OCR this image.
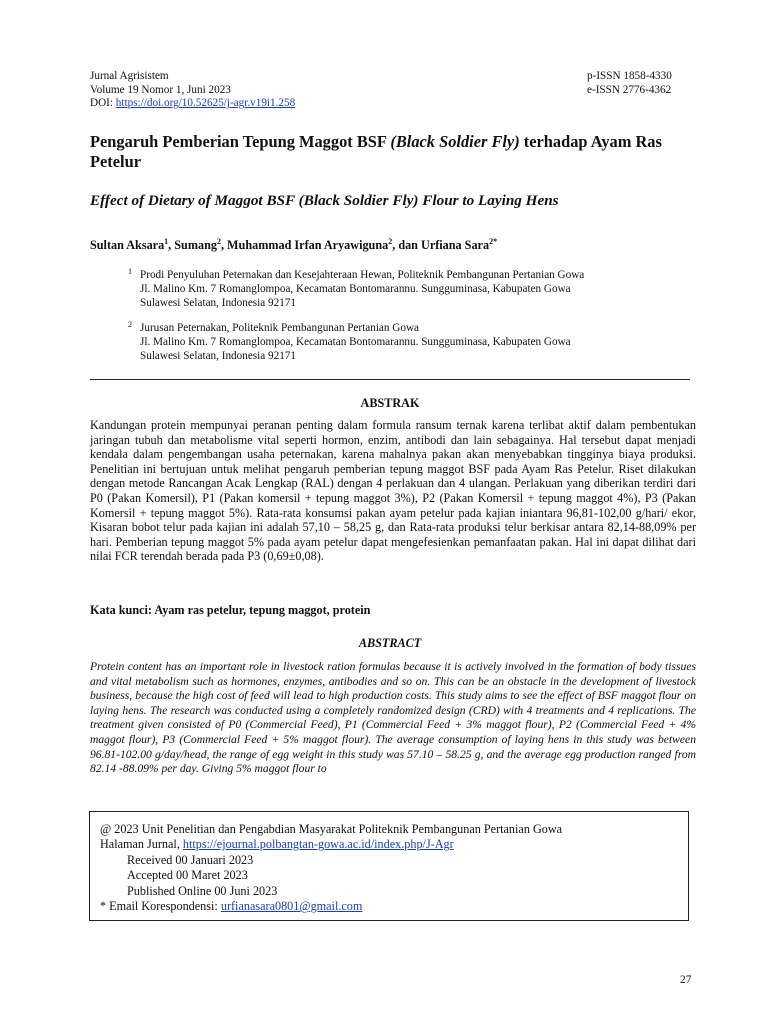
Jurnal Agrisistem
Volume 19 Nomor 1, Juni 2023
DOI: https://doi.org/10.52625/j-agr.v19i1.258
p-ISSN 1858-4330
e-ISSN 2776-4362
Pengaruh Pemberian Tepung Maggot BSF (Black Soldier Fly) terhadap Ayam Ras Petelur
Effect of Dietary of Maggot BSF (Black Soldier Fly) Flour to Laying Hens
Sultan Aksara$^1$, Sumang$^2$, Muhammad Irfan Aryawiguna$^2$, dan Urfiana Sara$^{2*}$
1 Prodi Penyuluhan Peternakan dan Kesejahteraan Hewan, Politeknik Pembangunan Pertanian Gowa
Jl. Malino Km. 7 Romanglompoa, Kecamatan Bontomarannu. Sungguminasa, Kabupaten Gowa
Sulawesi Selatan, Indonesia 92171
2 Jurusan Peternakan, Politeknik Pembangunan Pertanian Gowa
Jl. Malino Km. 7 Romanglompoa, Kecamatan Bontomarannu. Sungguminasa, Kabupaten Gowa
Sulawesi Selatan, Indonesia 92171
ABSTRAK
Kandungan protein mempunyai peranan penting dalam formula ransum ternak karena terlibat aktif dalam pembentukan jaringan tubuh dan metabolisme vital seperti hormon, enzim, antibodi dan lain sebagainya. Hal tersebut dapat menjadi kendala dalam pengembangan usaha peternakan, karena mahalnya pakan akan menyebabkan tingginya biaya produksi. Penelitian ini bertujuan untuk melihat pengaruh pemberian tepung maggot BSF pada Ayam Ras Petelur. Riset dilakukan dengan metode Rancangan Acak Lengkap (RAL) dengan 4 perlakuan dan 4 ulangan. Perlakuan yang diberikan terdiri dari P0 (Pakan Komersil), P1 (Pakan komersil + tepung maggot 3%), P2 (Pakan Komersil + tepung maggot 4%), P3 (Pakan Komersil + tepung maggot 5%). Rata-rata konsumsi pakan ayam petelur pada kajian iniantara 96,81-102,00 g/hari/ ekor, Kisaran bobot telur pada kajian ini adalah 57,10 – 58,25 g, dan Rata-rata produksi telur berkisar antara 82,14-88,09% per hari. Pemberian tepung maggot 5% pada ayam petelur dapat mengefesienkan pemanfaatan pakan. Hal ini dapat dilihat dari nilai FCR terendah berada pada P3 (0,69±0,08).
Kata kunci: Ayam ras petelur, tepung maggot, protein
ABSTRACT
Protein content has an important role in livestock ration formulas because it is actively involved in the formation of body tissues and vital metabolism such as hormones, enzymes, antibodies and so on. This can be an obstacle in the development of livestock business, because the high cost of feed will lead to high production costs. This study aims to see the effect of BSF maggot flour on laying hens. The research was conducted using a completely randomized design (CRD) with 4 treatments and 4 replications. The treatment given consisted of P0 (Commercial Feed), P1 (Commercial Feed + 3% maggot flour), P2 (Commercial Feed + 4% maggot flour), P3 (Commercial Feed + 5% maggot flour). The average consumption of laying hens in this study was between 96.81-102.00 g/day/head, the range of egg weight in this study was 57.10 – 58.25 g, and the average egg production ranged from 82.14 -88.09% per day. Giving 5% maggot flour to
@ 2023 Unit Penelitian dan Pengabdian Masyarakat Politeknik Pembangunan Pertanian Gowa
Halaman Jurnal, https://ejournal.polbangtan-gowa.ac.id/index.php/J-Agr
Received 00 Januari 2023
Accepted 00 Maret 2023
Published Online 00 Juni 2023
* Email Korespondensi: urfianasara0801@gmail.com
27
